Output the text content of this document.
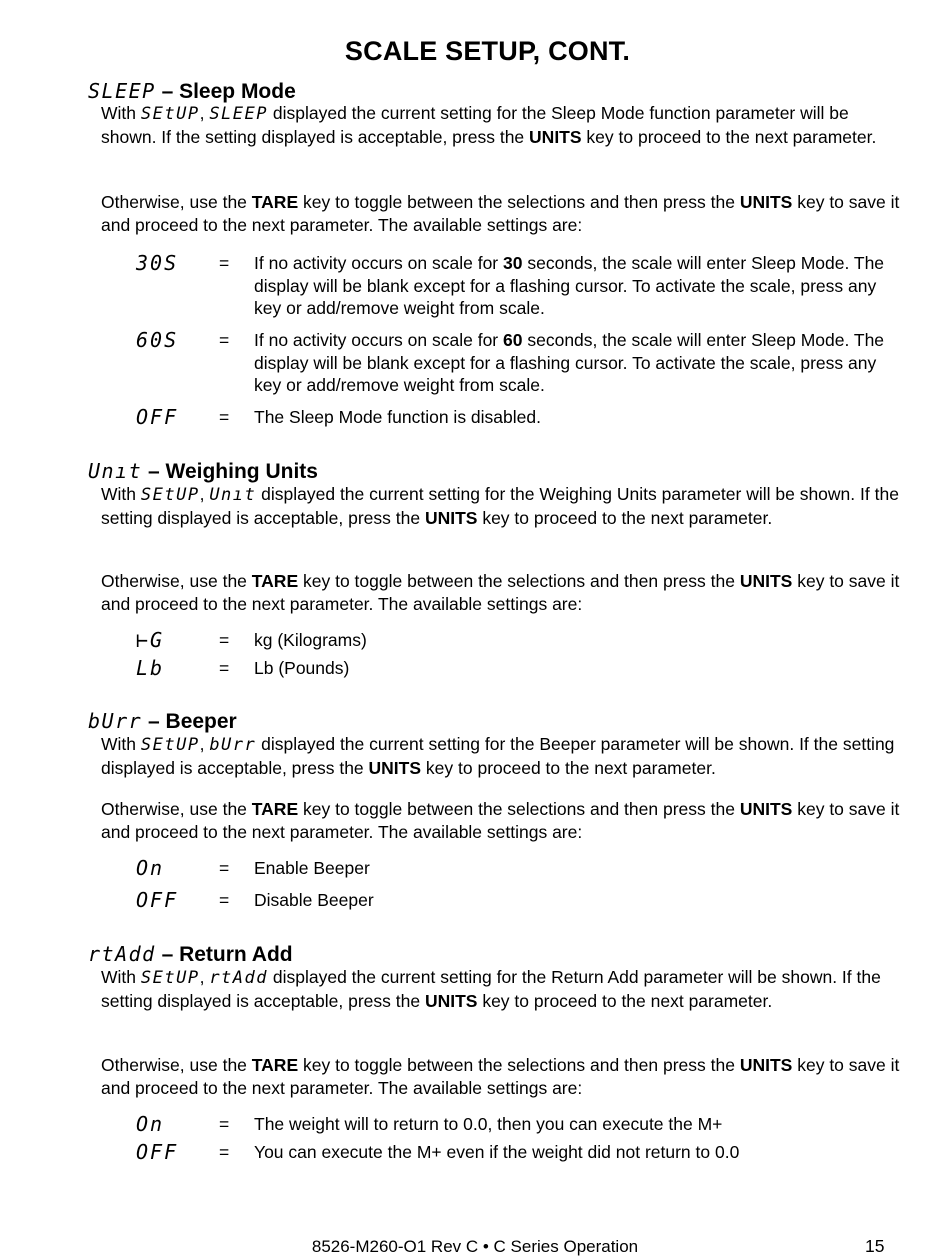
SCALE SETUP, CONT.
SLEEP – Sleep Mode

With SEtUP, SLEEP displayed the current setting for the Sleep Mode function parameter will be shown. If the setting displayed is acceptable, press the UNITS key to proceed to the next parameter.

Otherwise, use the TARE key to toggle between the selections and then press the UNITS key to save it and proceed to the next parameter. The available settings are:

30S = If no activity occurs on scale for 30 seconds, the scale will enter Sleep Mode. The display will be blank except for a flashing cursor. To activate the scale, press any key or add/remove weight from scale.
60S = If no activity occurs on scale for 60 seconds, the scale will enter Sleep Mode. The display will be blank except for a flashing cursor. To activate the scale, press any key or add/remove weight from scale.
OFF = The Sleep Mode function is disabled.
Unıt – Weighing Units

With SEtUP, Unıt displayed the current setting for the Weighing Units parameter will be shown. If the setting displayed is acceptable, press the UNITS key to proceed to the next parameter.

Otherwise, use the TARE key to toggle between the selections and then press the UNITS key to save it and proceed to the next parameter. The available settings are:

⊢G	= kg (Kilograms)
Lb	= Lb (Pounds)
bUrr – Beeper

With SEtUP, bUrr displayed the current setting for the Beeper parameter will be shown. If the setting displayed is acceptable, press the UNITS key to proceed to the next parameter.

Otherwise, use the TARE key to toggle between the selections and then press the UNITS key to save it and proceed to the next parameter. The available settings are:

On	= Enable Beeper
OFF = Disable Beeper
rtAdd – Return Add

With SEtUP, rtAdd displayed the current setting for the Return Add parameter will be shown. If the setting displayed is acceptable, press the UNITS key to proceed to the next parameter.

Otherwise, use the TARE key to toggle between the selections and then press the UNITS key to save it and proceed to the next parameter. The available settings are:

On	= The weight will to return to 0.0, then you can execute the M+
OFF = You can execute the M+ even if the weight did not return to 0.0
8526-M260-O1 Rev C • C Series Operation	15
